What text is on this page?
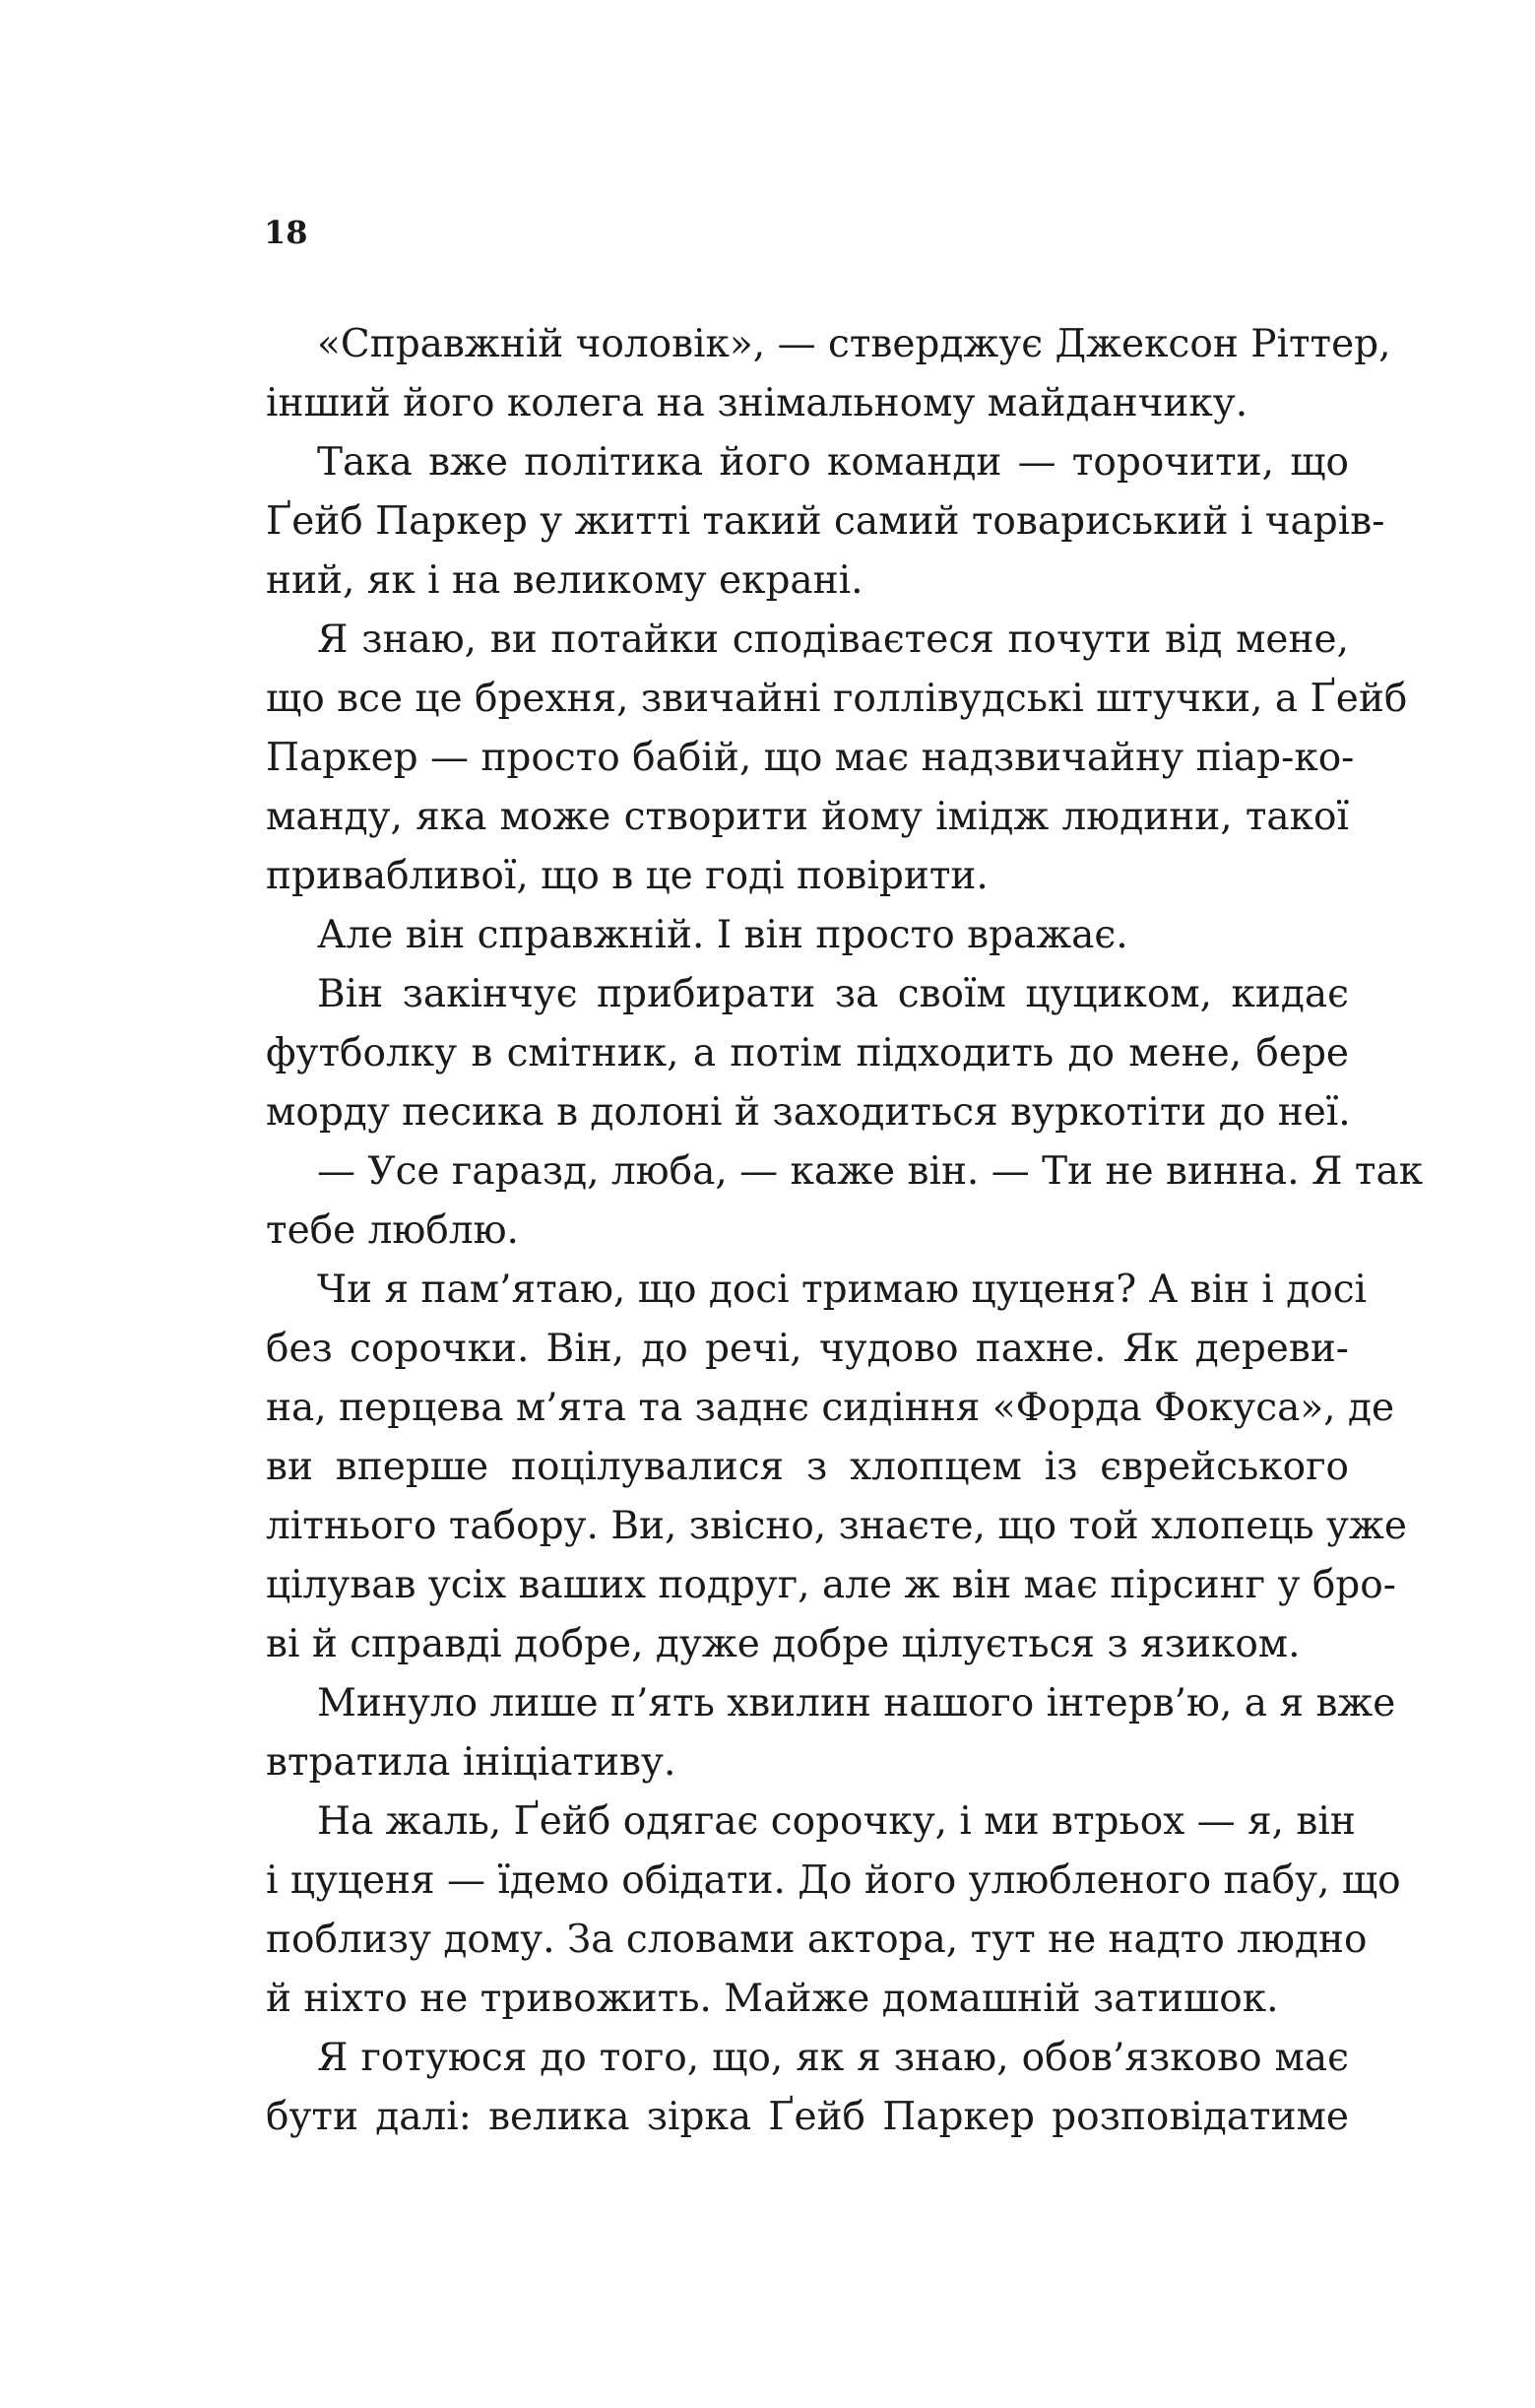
18
«Справжній чоловік», — стверджує Джексон Ріттер,
інший його колега на знімальному майданчику.
Така вже політика його команди — торочити, що
Ґейб Паркер у житті такий самий товариський і чарів-
ний, як і на великому екрані.
Я знаю, ви потайки сподіваєтеся почути від мене,
що все це брехня, звичайні голлівудські штучки, а Ґейб
Паркер — просто бабій, що має надзвичайну піар-ко-
манду, яка може створити йому імідж людини, такої
привабливої, що в це годі повірити.
Але він справжній. І він просто вражає.
Він закінчує прибирати за своїм цуциком, кидає
футболку в смітник, а потім підходить до мене, бере
морду песика в долоні й заходиться вуркотіти до неї.
— Усе гаразд, люба, — каже він. — Ти не винна. Я так
тебе люблю.
Чи я пам’ятаю, що досі тримаю цуценя? А він і досі
без сорочки. Він, до речі, чудово пахне. Як дереви-
на, перцева м’ята та заднє сидіння «Форда Фокуса», де
ви вперше поцілувалися з хлопцем із єврейського
літнього табору. Ви, звісно, знаєте, що той хлопець уже
цілував усіх ваших подруг, але ж він має пірсинг у бро-
ві й справді добре, дуже добре цілується з язиком.
Минуло лише п’ять хвилин нашого інтерв’ю, а я вже
втратила ініціативу.
На жаль, Ґейб одягає сорочку, і ми втрьох — я, він
і цуценя — їдемо обідати. До його улюбленого пабу, що
поблизу дому. За словами актора, тут не надто людно
й ніхто не тривожить. Майже домашній затишок.
Я готуюся до того, що, як я знаю, обов’язково має
бути далі: велика зірка Ґейб Паркер розповідатиме
